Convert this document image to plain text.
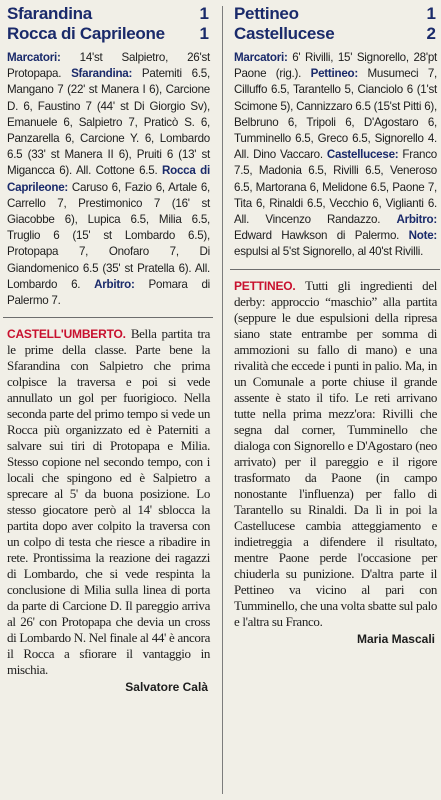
Sfarandina	1
Rocca di Caprileone 1
Marcatori: 14'st Salpietro, 26'st Protopapa. Sfarandina: Patemiti 6.5, Mangano 7 (22' st Manera I 6), Carcione D. 6, Faustino 7 (44' st Di Giorgio Sv), Emanuele 6, Salpietro 7, Praticò S. 6, Panzarella 6, Carcione Y. 6, Lombardo 6.5 (33' st Manera II 6), Pruiti 6 (13' st Migancca 6). All. Cottone 6.5. Rocca di Caprileone: Caruso 6, Fazio 6, Artale 6, Carrello 7, Prestimonico 7 (16' st Giacobbe 6), Lupica 6.5, Milia 6.5, Truglio 6 (15' st Lombardo 6.5), Protopapa 7, Onofaro 7, Di Giandomenico 6.5 (35' st Pratella 6). All. Lombardo 6. Arbitro: Pomara di Palermo 7.
CASTELL'UMBERTO. Bella partita tra le prime della classe. Parte bene la Sfarandina con Salpietro che prima colpisce la traversa e poi si vede annullato un gol per fuorigioco. Nella seconda parte del primo tempo si vede un Rocca più organizzato ed è Paterniti a salvare sui tiri di Protopapa e Milia. Stesso copione nel secondo tempo, con i locali che spingono ed è Salpietro a sprecare al 5' da buona posizione. Lo stesso giocatore però al 14' sblocca la partita dopo aver colpito la traversa con un colpo di testa che riesce a ribadire in rete. Prontissima la reazione dei ragazzi di Lombardo, che si vede respinta la conclusione di Milia sulla linea di porta da parte di Carcione D. Il pareggio arriva al 26' con Protopapa che devia un cross di Lombardo N. Nel finale al 44' è ancora il Rocca a sfiorare il vantaggio in mischia.
Salvatore Calà
Pettineo	1
Castellucese	2
Marcatori: 6' Rivilli, 15' Signorello, 28'pt Paone (rig.). Pettineo: Musumeci 7, Cilluffo 6.5, Tarantello 5, Cianciolo 6 (1'st Scimone 5), Cannizzaro 6.5 (15'st Pitti 6), Belbruno 6, Tripoli 6, D'Agostaro 6, Tumminello 6.5, Greco 6.5, Signorello 4. All. Dino Vaccaro. Castellucese: Franco 7.5, Madonia 6.5, Rivilli 6.5, Veneroso 6.5, Martorana 6, Melidone 6.5, Paone 7, Tita 6, Rinaldi 6.5, Vecchio 6, Viglianti 6. All. Vincenzo Randazzo. Arbitro: Edward Hawkson di Palermo. Note: espulsi al 5'st Signorello, al 40'st Rivilli.
PETTINEO. Tutti gli ingredienti del derby: approccio “maschio” alla partita (seppure le due espulsioni della ripresa siano state entrambe per somma di ammozioni su fallo di mano) e una rivalità che eccede i punti in palio. Ma, in un Comunale a porte chiuse il grande assente è stato il tifo. Le reti arrivano tutte nella prima mezz'ora: Rivilli che segna dal corner, Tumminello che dialoga con Signorello e D'Agostaro (neo arrivato) per il pareggio e il rigore trasformato da Paone (in campo nonostante l'influenza) per fallo di Tarantello su Rinaldi. Da lì in poi la Castellucese cambia atteggiamento e indietreggia a difendere il risultato, mentre Paone perde l'occasione per chiuderla su punizione. D'altra parte il Pettineo va vicino al pari con Tumminello, che una volta sbatte sul palo e l'altra su Franco.
Maria Mascali
